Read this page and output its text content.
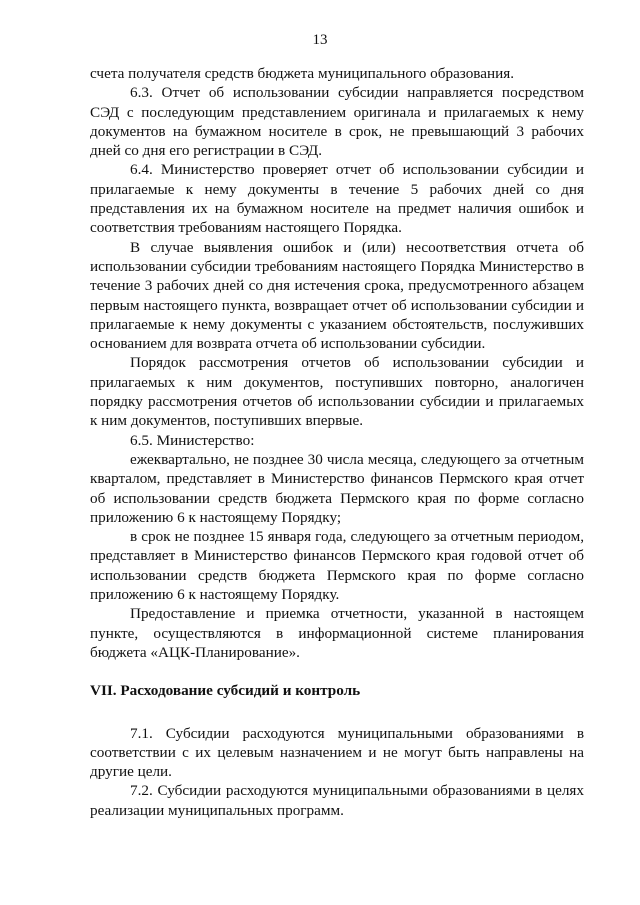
13

счета получателя средств бюджета муниципального образования.

6.3. Отчет об использовании субсидии направляется посредством СЭД с последующим представлением оригинала и прилагаемых к нему документов на бумажном носителе в срок, не превышающий 3 рабочих дней со дня его регистрации в СЭД.

6.4. Министерство проверяет отчет об использовании субсидии и прилагаемые к нему документы в течение 5 рабочих дней со дня представления их на бумажном носителе на предмет наличия ошибок и соответствия требованиям настоящего Порядка.

В случае выявления ошибок и (или) несоответствия отчета об использовании субсидии требованиям настоящего Порядка Министерство в течение 3 рабочих дней со дня истечения срока, предусмотренного абзацем первым настоящего пункта, возвращает отчет об использовании субсидии и прилагаемые к нему документы с указанием обстоятельств, послуживших основанием для возврата отчета об использовании субсидии.

Порядок рассмотрения отчетов об использовании субсидии и прилагаемых к ним документов, поступивших повторно, аналогичен порядку рассмотрения отчетов об использовании субсидии и прилагаемых к ним документов, поступивших впервые.

6.5. Министерство:

ежеквартально, не позднее 30 числа месяца, следующего за отчетным кварталом, представляет в Министерство финансов Пермского края отчет об использовании средств бюджета Пермского края по форме согласно приложению 6 к настоящему Порядку;

в срок не позднее 15 января года, следующего за отчетным периодом, представляет в Министерство финансов Пермского края годовой отчет об использовании средств бюджета Пермского края по форме согласно приложению 6 к настоящему Порядку.

Предоставление и приемка отчетности, указанной в настоящем пункте, осуществляются в информационной системе планирования бюджета «АЦК-Планирование».

VII. Расходование субсидий и контроль

7.1. Субсидии расходуются муниципальными образованиями в соответствии с их целевым назначением и не могут быть направлены на другие цели.

7.2. Субсидии расходуются муниципальными образованиями в целях реализации муниципальных программ.
